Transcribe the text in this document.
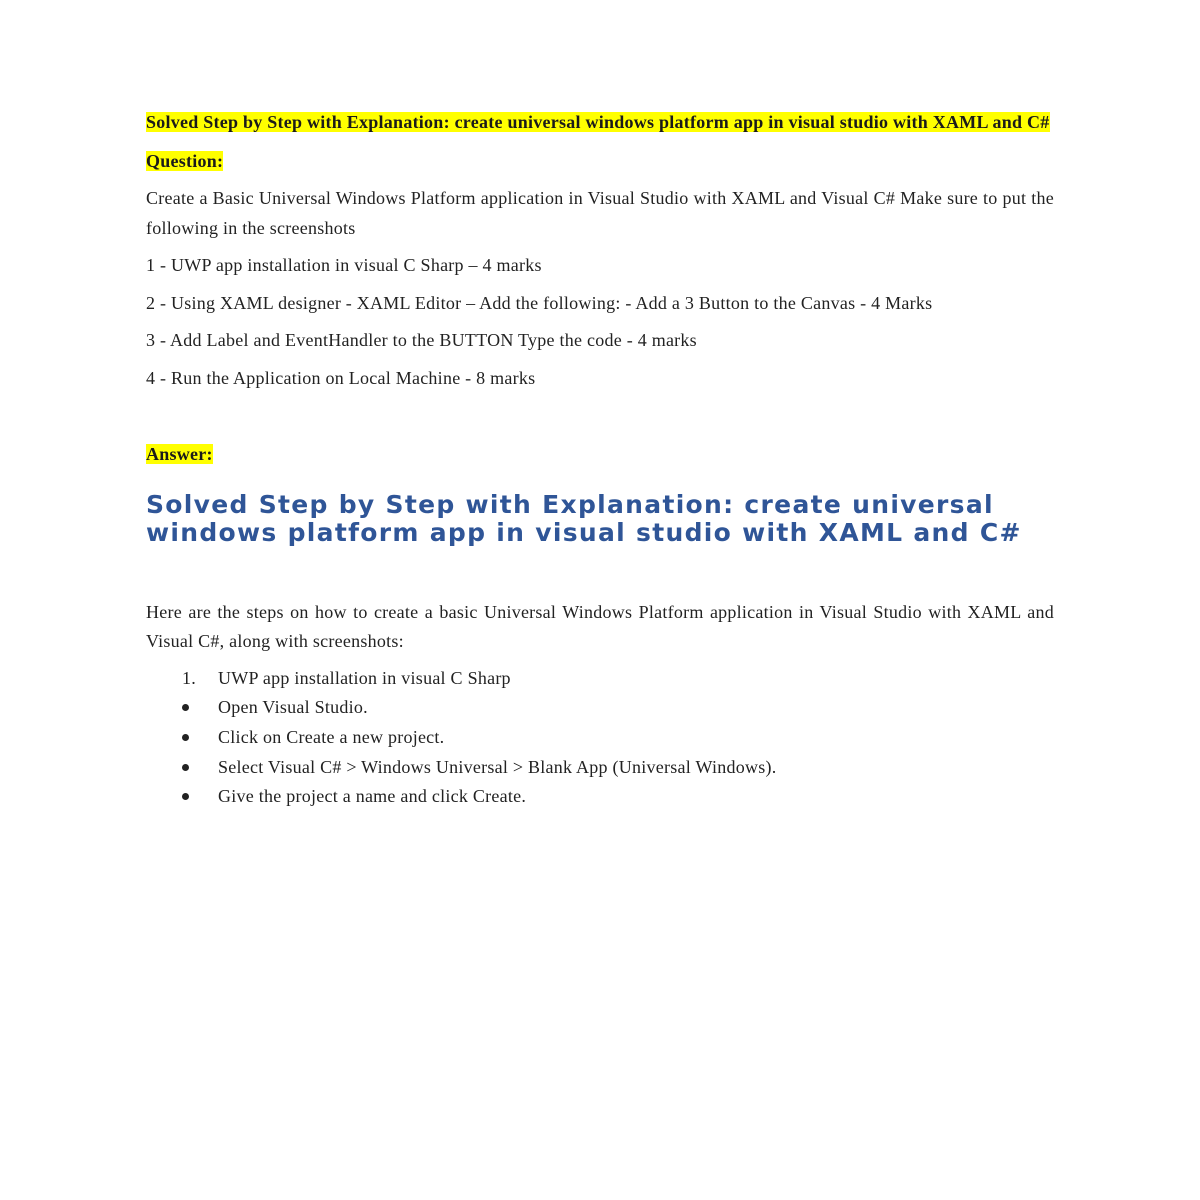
Solved Step by Step with Explanation: create universal windows platform app in visual studio with XAML and C#

Question:

Create a Basic Universal Windows Platform application in Visual Studio with XAML and Visual C# Make sure to put the following in the screenshots

1 - UWP app installation in visual C Sharp – 4 marks

2 - Using XAML designer - XAML Editor – Add the following: - Add a 3 Button to the Canvas - 4 Marks

3 - Add Label and EventHandler to the BUTTON Type the code - 4 marks

4 - Run the Application on Local Machine - 8 marks

Answer:

Solved Step by Step with Explanation: create universal windows platform app in visual studio with XAML and C#

Here are the steps on how to create a basic Universal Windows Platform application in Visual Studio with XAML and Visual C#, along with screenshots:

1. UWP app installation in visual C Sharp
Open Visual Studio.
Click on Create a new project.
Select Visual C# > Windows Universal > Blank App (Universal Windows).
Give the project a name and click Create.
